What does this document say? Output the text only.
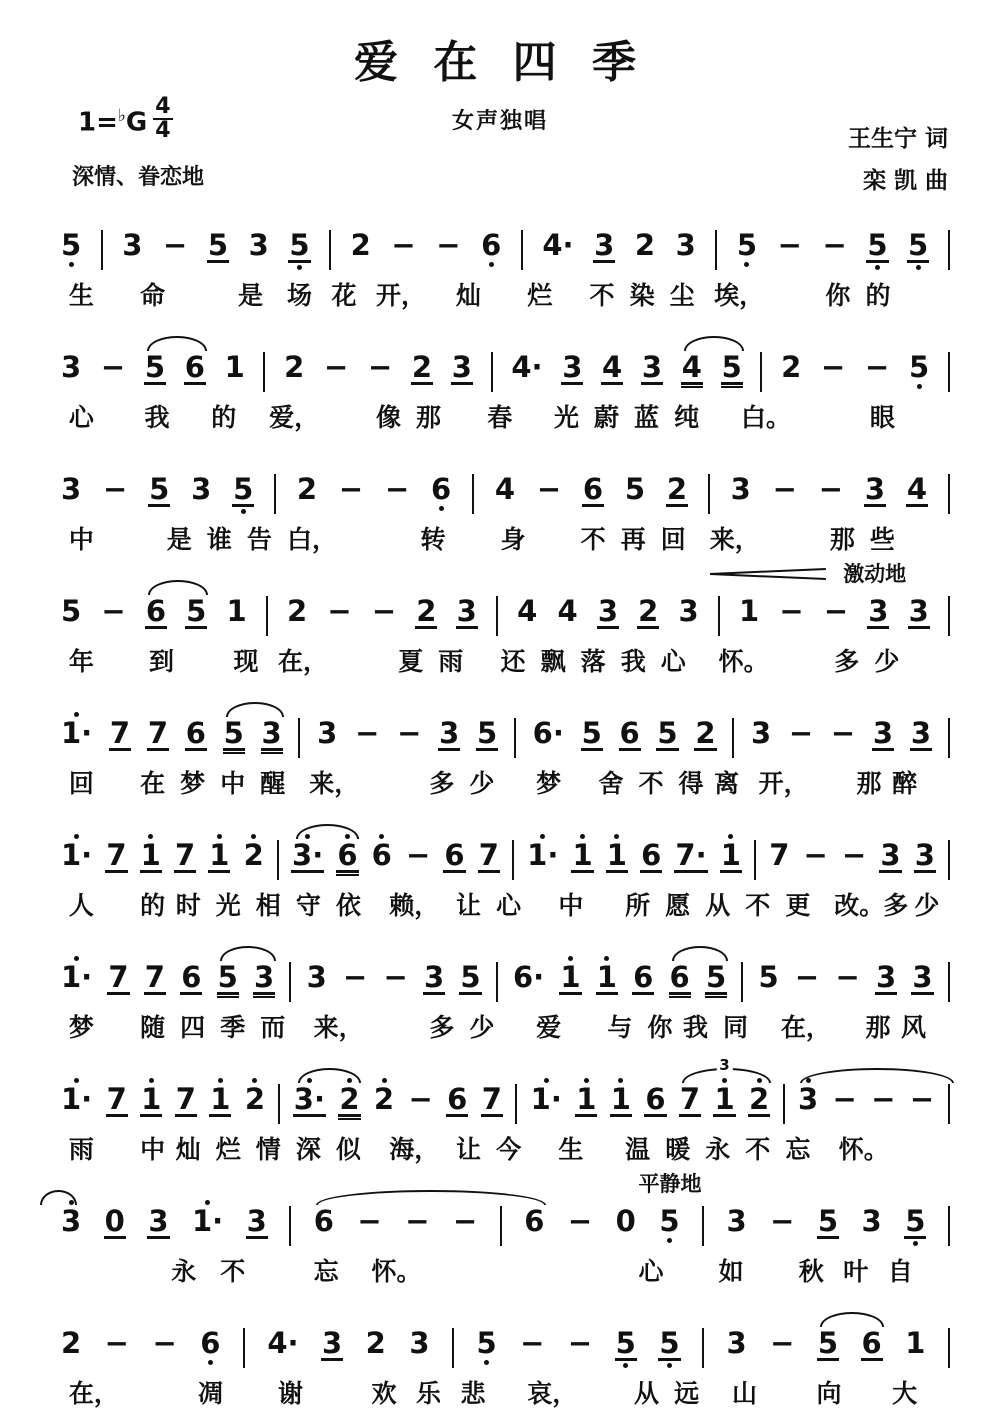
爱 在 四 季
女声独唱
$1=^♭G \frac{4}{4}$
深情、眷恋地
王生宁 词
栾 凯 曲
5 3 − 5 3 5 2 − − 6 4· 3 2 3 5 − − 5 5
生 命	是 场 花 开， 灿 烂 不 染 尘 埃， 你 的
3 − 5 6 1 2 − − 2 3 4· 3 4 3 4 5 2 − − 5
心 我 的 爱， 像 那 春 光 蔚 蓝 纯 白。	眼
3 − 5 3 5 2 − − 6 4 − 6 5 2 3 − − 3 4
中	是 谁 告 白，	转 身 不 再 回 来，	那 些
5 − 6 5 1 2 − − 2 3 4 4 3 2 3 1 − − 3 3
年 到 现 在，	夏 雨 还 飘 落 我 心 怀。	多 少
激动地
1· 7 7 6 5 3 3 − − 3 5 6· 5 6 5 2 3 − − 3 3
回 在 梦 中 醒 来，	多 少 梦 舍 不 得 离 开， 那 醉
1· 7 1 7 1 2 3· 6 6 − 6 7 1· 1 1 6 7· 1 7 − − 3 3
人 的 时 光 相 守 依 赖， 让 心 中 所 愿 从 不 更 改。
多 少
1· 7 7 6 5 3 3 − − 3 5 6· 1 1 6 6 5 5 − − 3 3
梦 随 四 季 而 来，	多 少 爱 与 你 我 同 在， 那 风
1· 7 1 7 1 2 3· 2 2 − 6 7 1· 1 1 6 7 1 2 3 − − −
雨 中 灿 烂 情 深 似 海， 让 今 生 温 暖 永 不 忘 怀。
3
3 0 3 1· 3 6 − − − 6 − 0 5 3 − 5 3 5
永 不	忘 怀。	心 如 秋 叶 自
平静地
2 − − 6 4· 3 2 3 5 − − 5 5 3 − 5 6 1
在，	凋 谢	欢 乐 悲 哀， 从 远 山 向 大
